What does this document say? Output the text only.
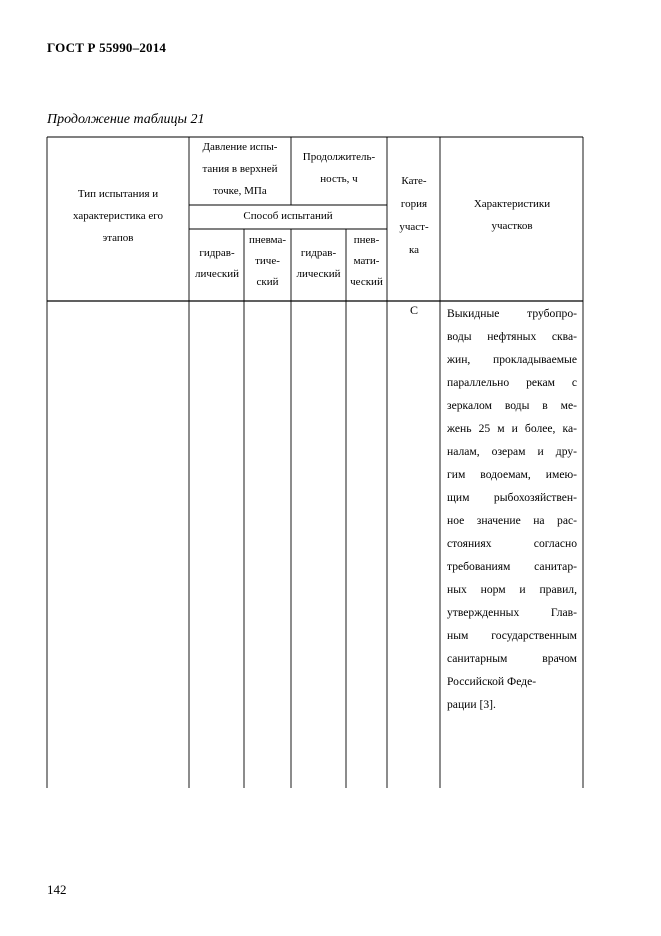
ГОСТ Р 55990–2014
Продолжение таблицы 21
Тип испытания и
характеристика его
этапов
Давление испы-
тания в верхней
точке, МПа
Продолжитель-
ность, ч
Способ испытаний
гидрав-
лический
пневма-
тиче-
ский
гидрав-
лический
пнев-
мати-
ческий
Кате-
гория
участ-
ка
Характеристики
участков
С	Выкидные трубопро-
воды нефтяных сква-
жин, прокладываемые
параллельно рекам с
зеркалом воды в ме-
жень 25 м и более, ка-
налам, озерам и дру-
гим водоемам, имею-
щим рыбохозяйствен-
ное значение на рас-
стояниях согласно
требованиям санитар-
ных норм и правил,
утвержденных Глав-
ным государственным
санитарным врачом
Российской Феде-
рации [3].
142
